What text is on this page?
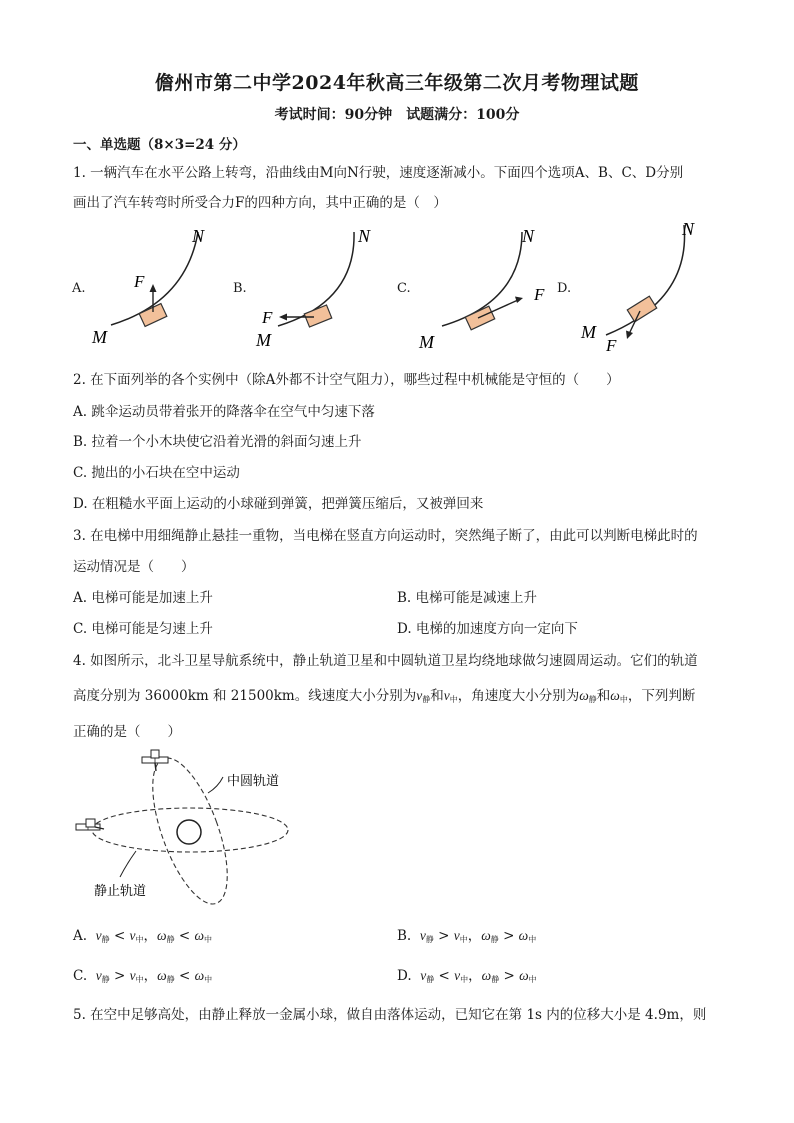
儋州市第二中学2024年秋高三年级第二次月考物理试题
考试时间：90分钟　试题满分：100分
一、单选题（8×3=24 分）
1. 一辆汽车在水平公路上转弯，沿曲线由M向N行驶，速度逐渐减小。下面四个选项A、B、C、D分别
画出了汽车转弯时所受合力F的四种方向，其中正确的是（　）
A.	F
N
M
B.
F
N
M
C.	F
N
M
D.
F
N
M
2. 在下面列举的各个实例中（除A外都不计空气阻力），哪些过程中机械能是守恒的（　　）
A. 跳伞运动员带着张开的降落伞在空气中匀速下落
B. 拉着一个小木块使它沿着光滑的斜面匀速上升
C. 抛出的小石块在空中运动
D. 在粗糙水平面上运动的小球碰到弹簧，把弹簧压缩后，又被弹回来
3. 在电梯中用细绳静止悬挂一重物，当电梯在竖直方向运动时，突然绳子断了，由此可以判断电梯此时的
运动情况是（　　）
A. 电梯可能是加速上升	B. 电梯可能是减速上升
C. 电梯可能是匀速上升	D. 电梯的加速度方向一定向下
4. 如图所示，北斗卫星导航系统中，静止轨道卫星和中圆轨道卫星均绕地球做匀速圆周运动。它们的轨道
高度分别为 36000km 和 21500km。线速度大小分别为$v_静$和$v_中$，角速度大小分别为$\omega_静$和$\omega_中$，下列判断
正确的是（　　）
中圆轨道
静止轨道
A. $v_静 < v_中$，$\omega_静 < \omega_中$	B. $v_静 > v_中$，$\omega_静 > \omega_中$
C. $v_静 > v_中$，$\omega_静 < \omega_中$	D. $v_静 < v_中$，$\omega_静 > \omega_中$
5. 在空中足够高处，由静止释放一金属小球，做自由落体运动，已知它在第 1s 内的位移大小是 4.9m，则
